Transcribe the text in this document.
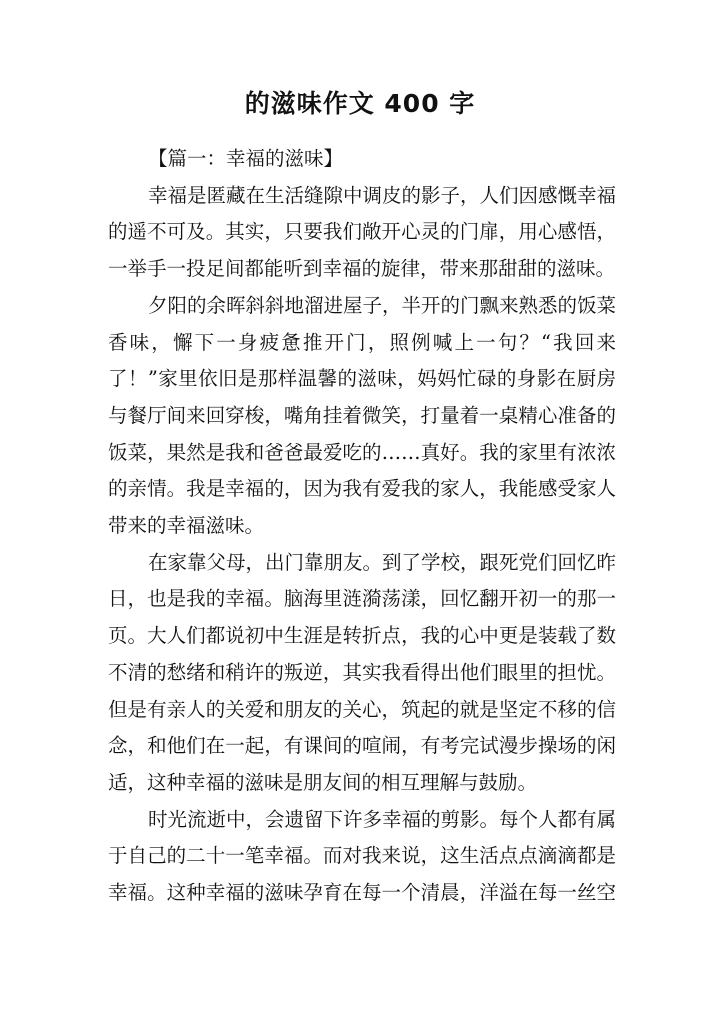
的滋味作文 400 字
【篇一：幸福的滋味】
幸福是匿藏在生活缝隙中调皮的影子，人们因感慨幸福
的遥不可及。其实，只要我们敞开心灵的门扉，用心感悟，
一举手一投足间都能听到幸福的旋律，带来那甜甜的滋味。
夕阳的余晖斜斜地溜进屋子，半开的门飘来熟悉的饭菜
香味，懈下一身疲惫推开门，照例喊上一句？“我回来
了！”家里依旧是那样温馨的滋味，妈妈忙碌的身影在厨房
与餐厅间来回穿梭，嘴角挂着微笑，打量着一桌精心准备的
饭菜，果然是我和爸爸最爱吃的……真好。我的家里有浓浓
的亲情。我是幸福的，因为我有爱我的家人，我能感受家人
带来的幸福滋味。
在家靠父母，出门靠朋友。到了学校，跟死党们回忆昨
日，也是我的幸福。脑海里涟漪荡漾，回忆翻开初一的那一
页。大人们都说初中生涯是转折点，我的心中更是装载了数
不清的愁绪和稍许的叛逆，其实我看得出他们眼里的担忧。
但是有亲人的关爱和朋友的关心，筑起的就是坚定不移的信
念，和他们在一起，有课间的喧闹，有考完试漫步操场的闲
适，这种幸福的滋味是朋友间的相互理解与鼓励。
时光流逝中，会遗留下许多幸福的剪影。每个人都有属
于自己的二十一笔幸福。而对我来说，这生活点点滴滴都是
幸福。这种幸福的滋味孕育在每一个清晨，洋溢在每一丝空
